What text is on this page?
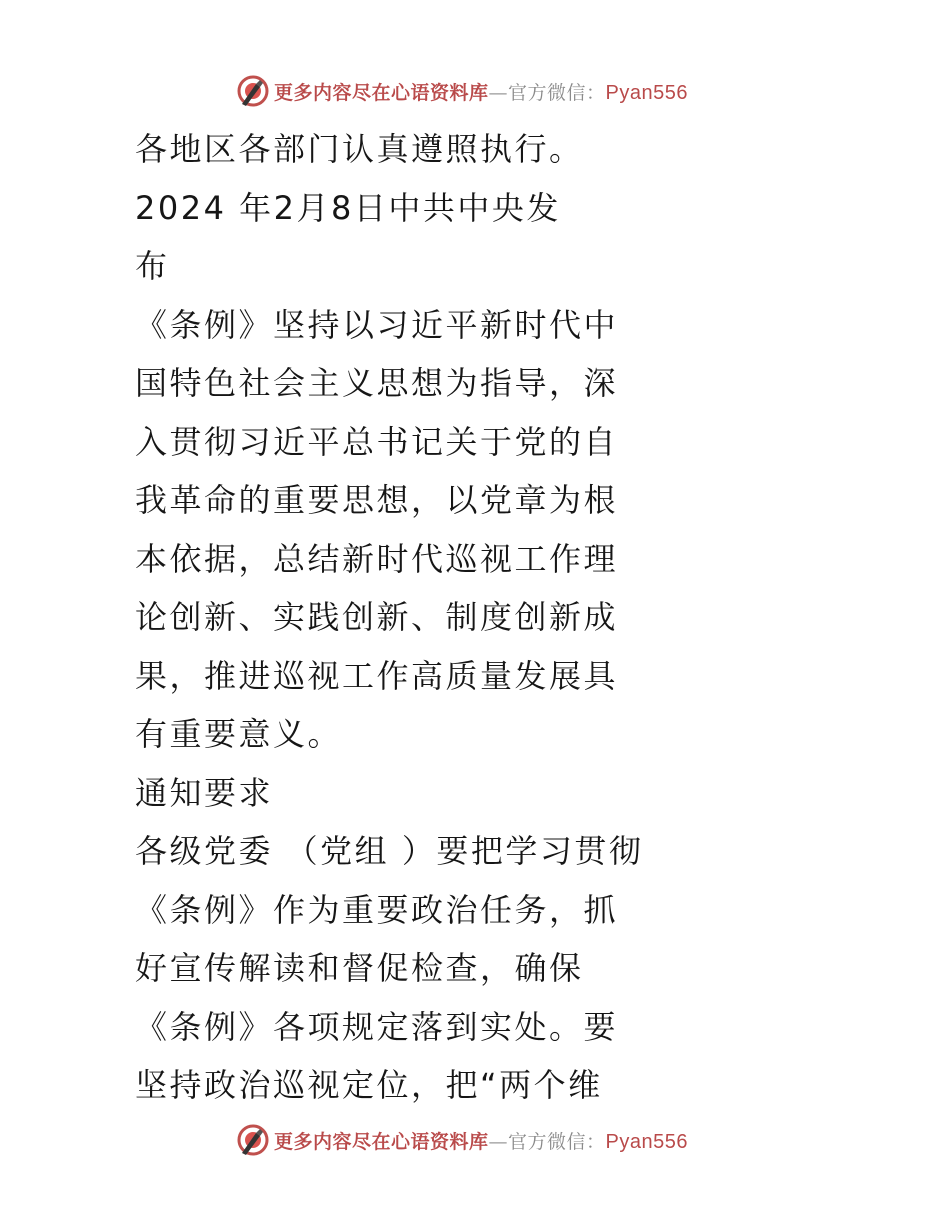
更多内容尽在心语资料库—官方微信：Pyan556
各地区各部门认真遵照执行。
2024 年2月8日中共中央发
布
《条例》坚持以习近平新时代中
国特色社会主义思想为指导，深
入贯彻习近平总书记关于党的自
我革命的重要思想，以党章为根
本依据，总结新时代巡视工作理
论创新、实践创新、制度创新成
果，推进巡视工作高质量发展具
有重要意义。
通知要求
各级党委 （党组 ）要把学习贯彻
《条例》作为重要政治任务，抓
好宣传解读和督促检查，确保
《条例》各项规定落到实处。要
坚持政治巡视定位，把“两个维
更多内容尽在心语资料库—官方微信：Pyan556
